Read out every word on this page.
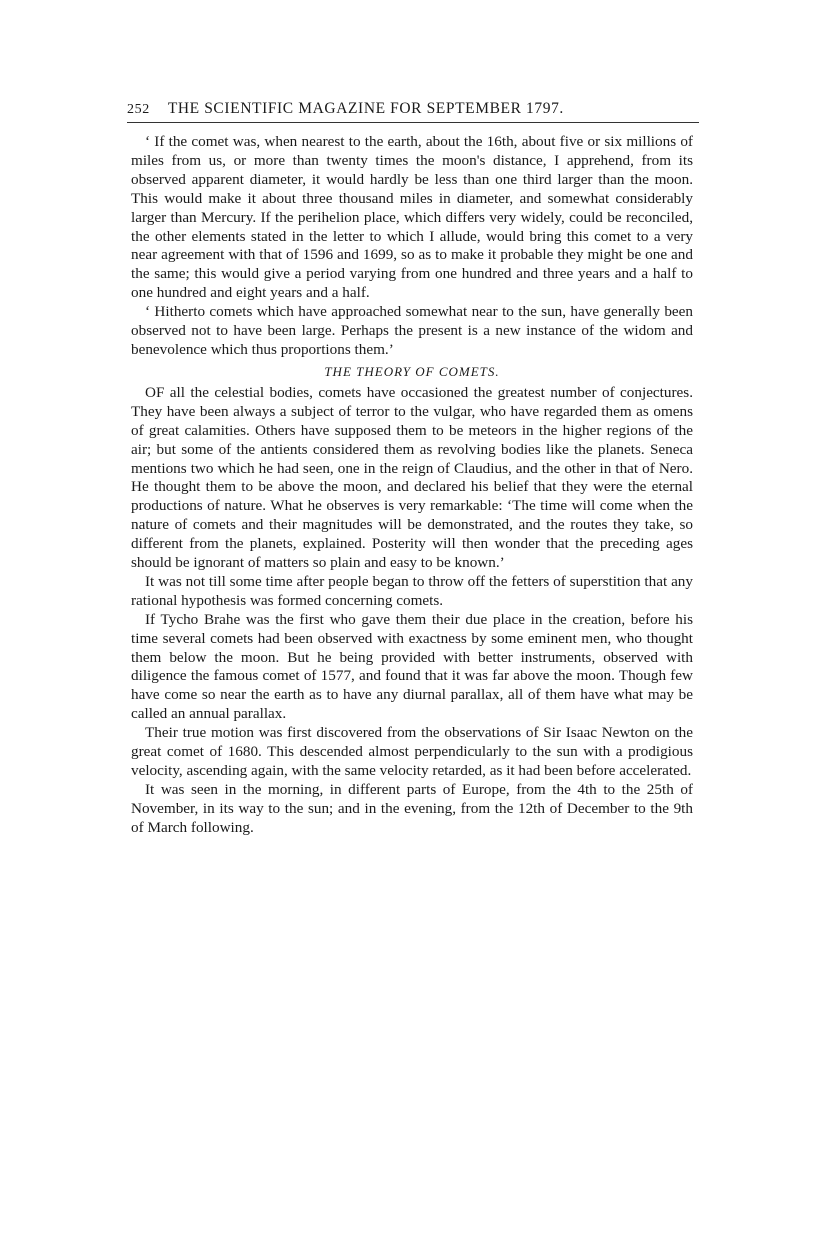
252 THE SCIENTIFIC MAGAZINE FOR SEPTEMBER 1797.

‘ If the comet was, when nearest to the earth, about the 16th, about five or six millions of miles from us, or more than twenty times the moon's distance, I apprehend, from its observed apparent diameter, it would hardly be less than one third larger than the moon. This would make it about three thousand miles in diameter, and somewhat considerably larger than Mercury. If the perihelion place, which differs very widely, could be reconciled, the other elements stated in the letter to which I allude, would bring this comet to a very near agreement with that of 1596 and 1699, so as to make it probable they might be one and the same; this would give a period varying from one hundred and three years and a half to one hundred and eight years and a half.

‘ Hitherto comets which have approached somewhat near to the sun, have generally been observed not to have been large. Perhaps the present is a new instance of the widom and benevolence which thus proportions them.’

THE THEORY OF COMETS.

OF all the celestial bodies, comets have occasioned the greatest number of conjectures. They have been always a subject of terror to the vulgar, who have regarded them as omens of great calamities. Others have supposed them to be meteors in the higher regions of the air; but some of the antients considered them as revolving bodies like the planets. Seneca mentions two which he had seen, one in the reign of Claudius, and the other in that of Nero. He thought them to be above the moon, and declared his belief that they were the eternal productions of nature. What he observes is very remarkable: ‘The time will come when the nature of comets and their magnitudes will be demonstrated, and the routes they take, so different from the planets, explained. Posterity will then wonder that the preceding ages should be ignorant of matters so plain and easy to be known.’

It was not till some time after people began to throw off the fetters of superstition that any rational hypothesis was formed concerning comets.

If Tycho Brahe was the first who gave them their due place in the creation, before his time several comets had been observed with exactness by some eminent men, who thought them below the moon. But he being provided with better instruments, observed with diligence the famous comet of 1577, and found that it was far above the moon. Though few have come so near the earth as to have any diurnal parallax, all of them have what may be called an annual parallax.

Their true motion was first discovered from the observations of Sir Isaac Newton on the great comet of 1680. This descended almost perpendicularly to the sun with a prodigious velocity, ascending again, with the same velocity retarded, as it had been before accelerated.

It was seen in the morning, in different parts of Europe, from the 4th to the 25th of November, in its way to the sun; and in the evening, from the 12th of December to the 9th of March following.
